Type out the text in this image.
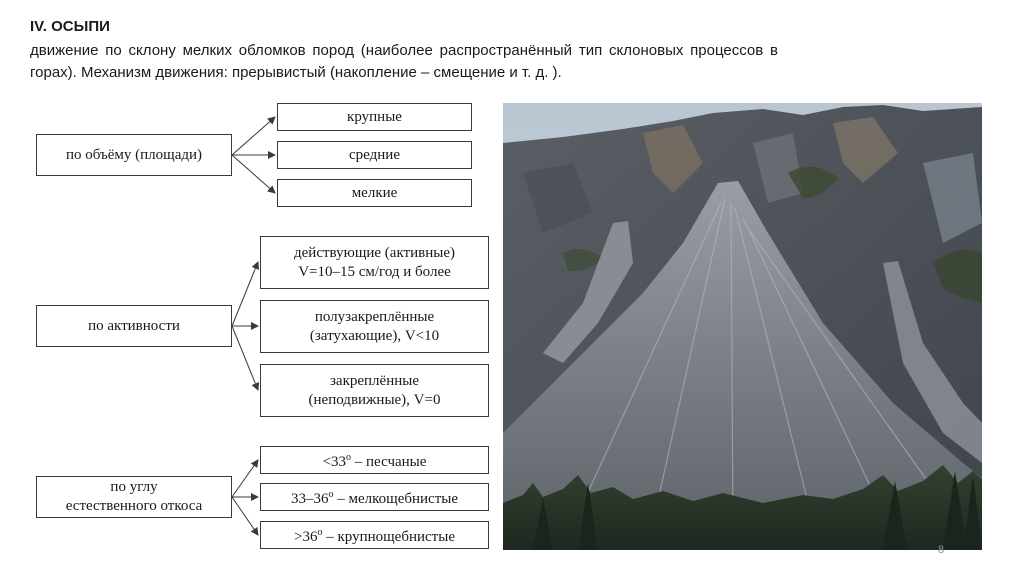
IV. ОСЫПИ
движение по склону мелких обломков пород (наиболее распространённый тип склоновых процессов в горах). Механизм движения: прерывистый (накопление – смещение и т. д. ).
по объёму (площади)
крупные
средние
мелкие
по активности
действующие (активные)
V=10–15 см/год и более
полузакреплённые
(затухающие), V<10
закреплённые
(неподвижные), V=0
по углу
естественного откоса
$<33^о$ – песчаные
$33-36^о$ – мелкощебнистые
$>36^о$ – крупнощебнистые
8
